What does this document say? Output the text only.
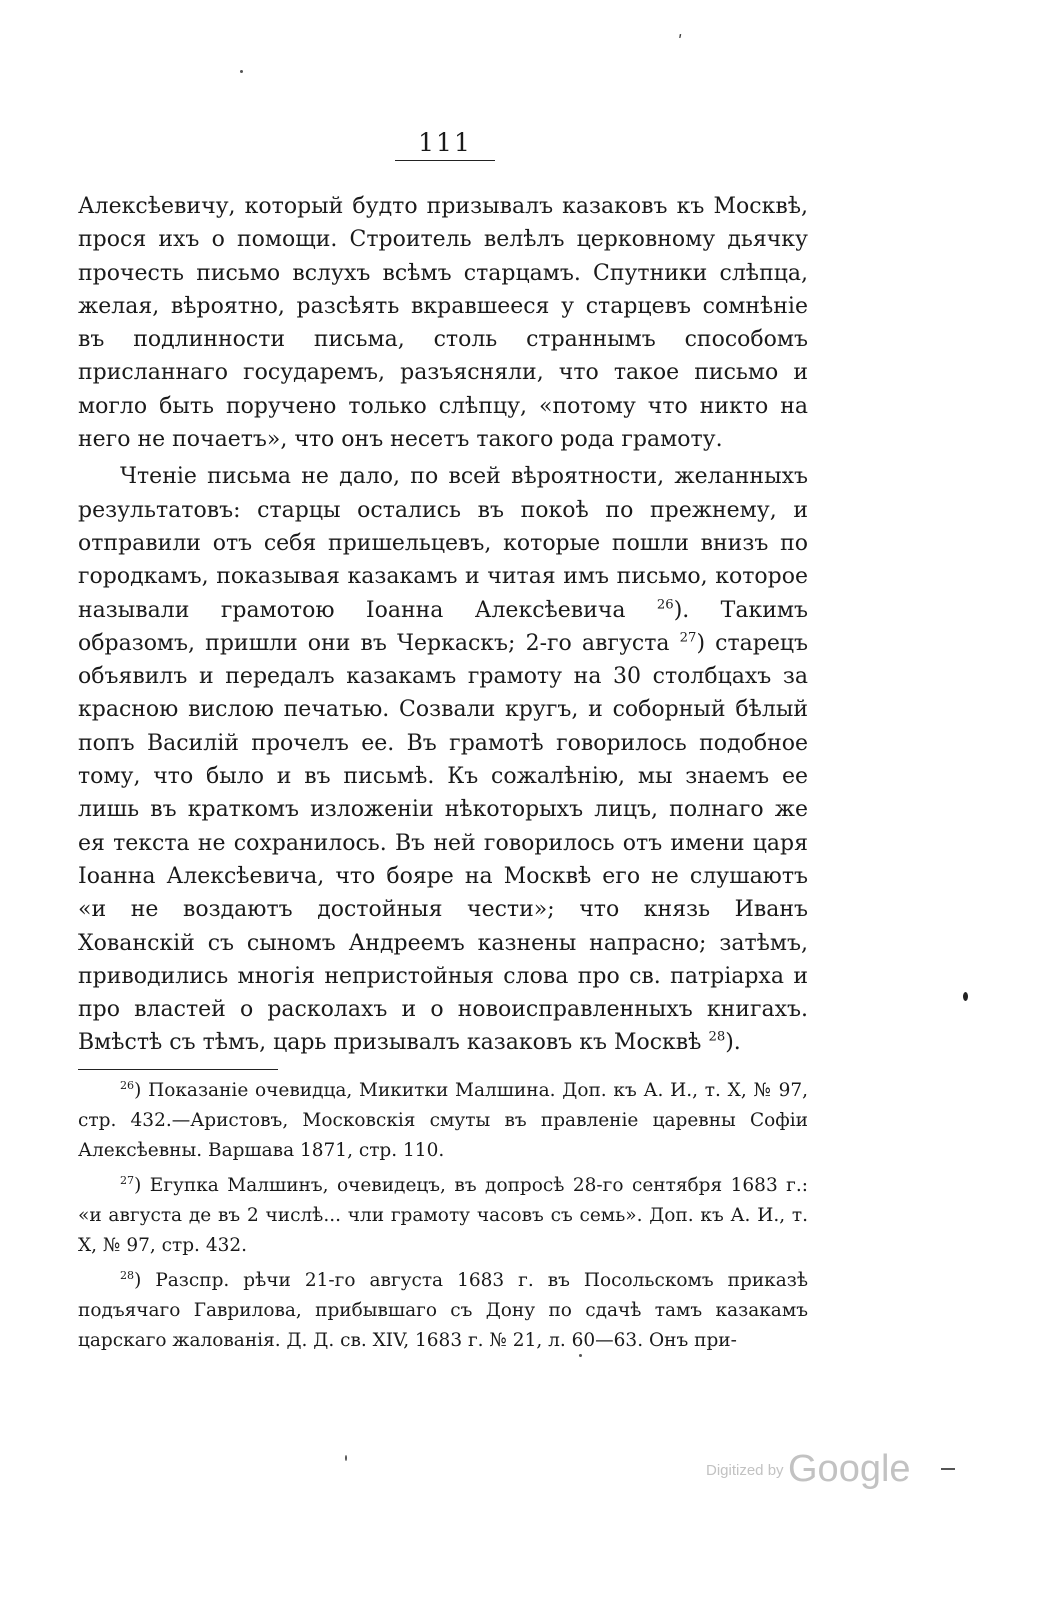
111

Алексѣевичу, который будто призывалъ казаковъ къ Москвѣ, прося ихъ о помощи. Строитель велѣлъ церковному дьячку прочесть письмо вслухъ всѣмъ старцамъ. Спутники слѣпца, желая, вѣроятно, разсѣять вкравшееся у старцевъ сомнѣніе въ подлинности письма, столь страннымъ способомъ присланнаго государемъ, разъясняли, что такое письмо и могло быть поручено только слѣпцу, «потому что никто на него не почаетъ», что онъ несетъ такого рода грамоту.

Чтеніе письма не дало, по всей вѣроятности, желанныхъ результатовъ: старцы остались въ покоѣ по прежнему, и отправили отъ себя пришельцевъ, которые пошли внизъ по городкамъ, показывая казакамъ и читая имъ письмо, которое называли грамотою Іоанна Алексѣевича $^{26}$). Такимъ образомъ, пришли они въ Черкаскъ; 2-го августа $^{27}$) старецъ объявилъ и передалъ казакамъ грамоту на 30 столбцахъ за красною вислою печатью. Созвали кругъ, и соборный бѣлый попъ Василій прочелъ ее. Въ грамотѣ говорилось подобное тому, что было и въ письмѣ. Къ сожалѣнію, мы знаемъ ее лишь въ краткомъ изложеніи нѣкоторыхъ лицъ, полнаго же ея текста не сохранилось. Въ ней говорилось отъ имени царя Іоанна Алексѣевича, что бояре на Москвѣ его не слушаютъ «и не воздаютъ достойныя чести»; что князь Иванъ Хованскій съ сыномъ Андреемъ казнены напрасно; затѣмъ, приводились многія непристойныя слова про св. патріарха и про властей о расколахъ и о новоисправленныхъ книгахъ. Вмѣстѣ съ тѣмъ, царь призывалъ казаковъ къ Москвѣ $^{28}$).

$^{26}$) Показаніе очевидца, Микитки Малшина. Доп. къ А. И., т. X, № 97, стр. 432.—Аристовъ, Московскія смуты въ правленіе царевны Софіи Алексѣевны. Варшава 1871, стр. 110.

$^{27}$) Егупка Малшинъ, очевидецъ, въ допросѣ 28-го сентября 1683 г.: «и августа де въ 2 числѣ... чли грамоту часовъ съ семь». Доп. къ А. И., т. X, № 97, стр. 432.

$^{28}$) Разспр. рѣчи 21-го августа 1683 г. въ Посольскомъ приказѣ подъячаго Гаврилова, прибывшаго съ Дону по сдачѣ тамъ казакамъ царскаго жалованія. Д. Д. св. XIV, 1683 г. № 21, л. 60—63. Онъ при-

Digitized by Google
ʹ
